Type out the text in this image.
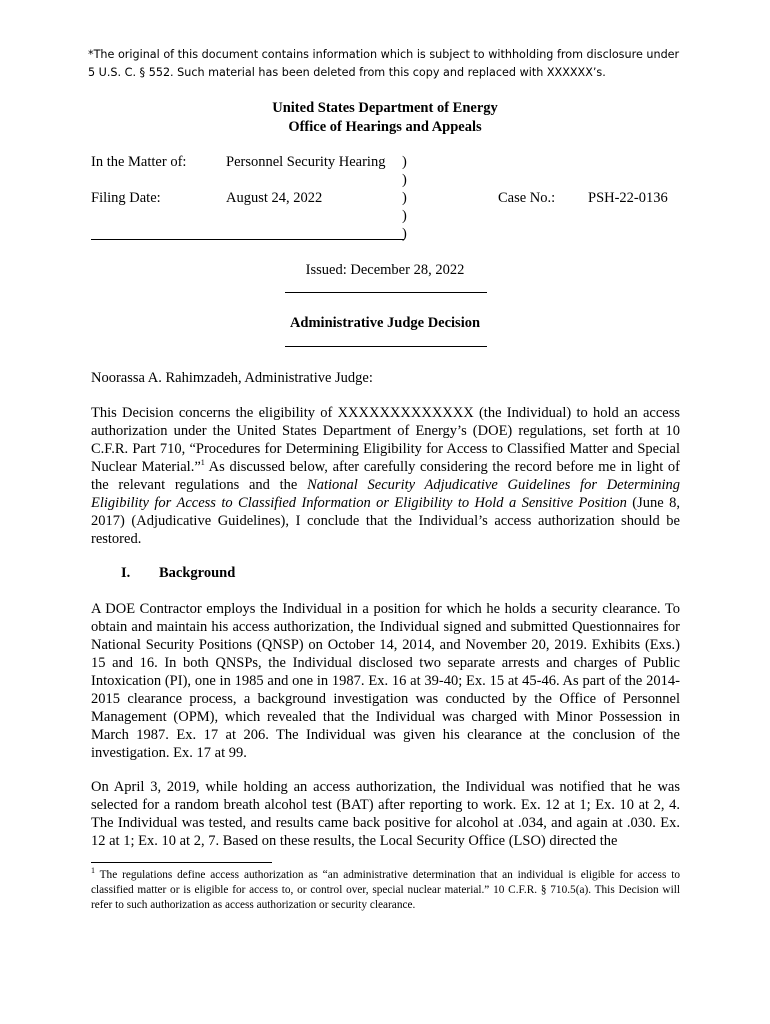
*The original of this document contains information which is subject to withholding from disclosure under 5 U.S. C. § 552. Such material has been deleted from this copy and replaced with XXXXXX’s.
United States Department of Energy
Office of Hearings and Appeals
In the Matter of:	Personnel Security Hearing
Filing Date:	August 24, 2022	Case No.: PSH-22-0136
)
)
)
)
)
Issued: December 28, 2022
Administrative Judge Decision
Noorassa A. Rahimzadeh, Administrative Judge:
This Decision concerns the eligibility of XXXXXXXXXXXXX (the Individual) to hold an access authorization under the United States Department of Energy’s (DOE) regulations, set forth at 10 C.F.R. Part 710, “Procedures for Determining Eligibility for Access to Classified Matter and Special Nuclear Material.”$^1$ As discussed below, after carefully considering the record before me in light of the relevant regulations and the National Security Adjudicative Guidelines for Determining Eligibility for Access to Classified Information or Eligibility to Hold a Sensitive Position (June 8, 2017) (Adjudicative Guidelines), I conclude that the Individual’s access authorization should be restored.
I. Background
A DOE Contractor employs the Individual in a position for which he holds a security clearance. To obtain and maintain his access authorization, the Individual signed and submitted Questionnaires for National Security Positions (QNSP) on October 14, 2014, and November 20, 2019. Exhibits (Exs.) 15 and 16. In both QNSPs, the Individual disclosed two separate arrests and charges of Public Intoxication (PI), one in 1985 and one in 1987. Ex. 16 at 39-40; Ex. 15 at 45-46. As part of the 2014-2015 clearance process, a background investigation was conducted by the Office of Personnel Management (OPM), which revealed that the Individual was charged with Minor Possession in March 1987. Ex. 17 at 206. The Individual was given his clearance at the conclusion of the investigation. Ex. 17 at 99.
On April 3, 2019, while holding an access authorization, the Individual was notified that he was selected for a random breath alcohol test (BAT) after reporting to work. Ex. 12 at 1; Ex. 10 at 2, 4. The Individual was tested, and results came back positive for alcohol at .034, and again at .030. Ex. 12 at 1; Ex. 10 at 2, 7. Based on these results, the Local Security Office (LSO) directed the
$^1$ The regulations define access authorization as “an administrative determination that an individual is eligible for access to classified matter or is eligible for access to, or control over, special nuclear material.” 10 C.F.R. § 710.5(a). This Decision will refer to such authorization as access authorization or security clearance.
